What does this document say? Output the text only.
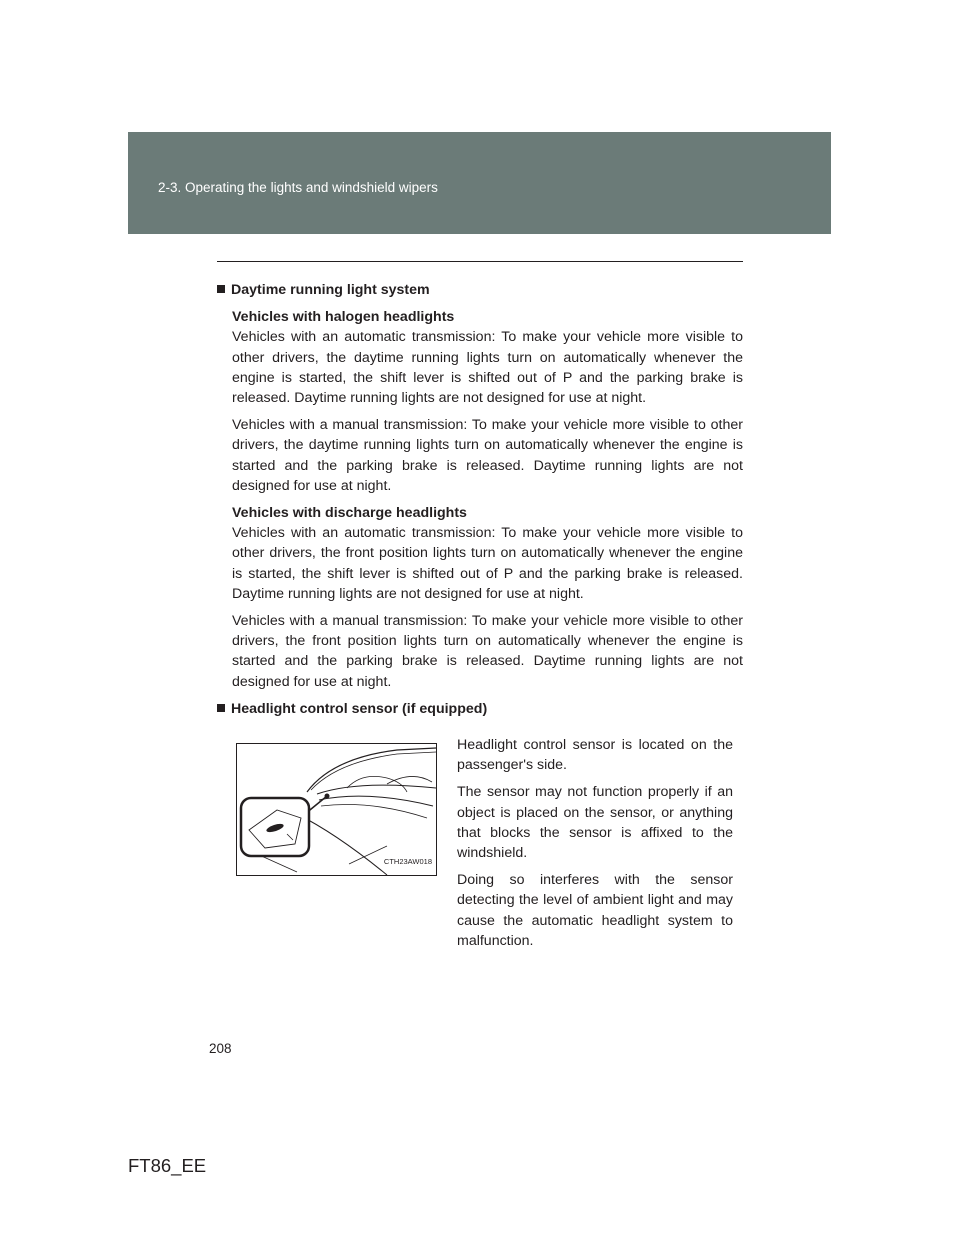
2-3. Operating the lights and windshield wipers
Daytime running light system
Vehicles with halogen headlights

Vehicles with an automatic transmission: To make your vehicle more visible to other drivers, the daytime running lights turn on automatically whenever the engine is started, the shift lever is shifted out of P and the parking brake is released. Daytime running lights are not designed for use at night.

Vehicles with a manual transmission: To make your vehicle more visible to other drivers, the daytime running lights turn on automatically whenever the engine is started and the parking brake is released. Daytime running lights are not designed for use at night.

Vehicles with discharge headlights

Vehicles with an automatic transmission: To make your vehicle more visible to other drivers, the front position lights turn on automatically whenever the engine is started, the shift lever is shifted out of P and the parking brake is released. Daytime running lights are not designed for use at night.

Vehicles with a manual transmission: To make your vehicle more visible to other drivers, the front position lights turn on automatically whenever the engine is started and the parking brake is released. Daytime running lights are not designed for use at night.

Headlight control sensor (if equipped)
CTH23AW018

Headlight control sensor is located on the passenger's side.

The sensor may not function properly if an object is placed on the sensor, or anything that blocks the sensor is affixed to the windshield.

Doing so interferes with the sensor detecting the level of ambient light and may cause the automatic headlight system to malfunction.

208
FT86_EE
